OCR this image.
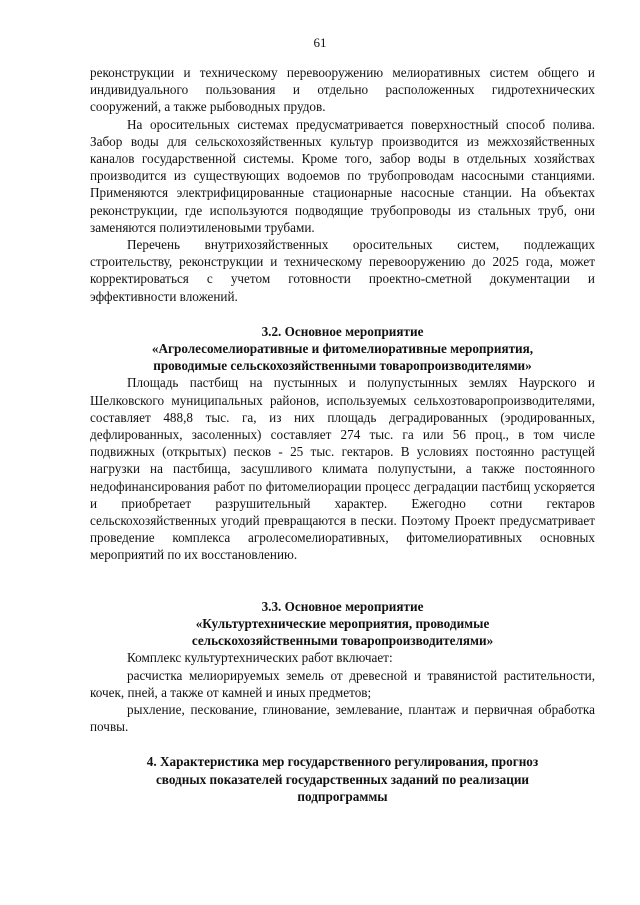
61

реконструкции и техническому перевооружению мелиоративных систем общего и индивидуального пользования и отдельно расположенных гидротехнических сооружений, а также рыбоводных прудов.

На оросительных системах предусматривается поверхностный способ полива. Забор воды для сельскохозяйственных культур производится из межхозяйственных каналов государственной системы. Кроме того, забор воды в отдельных хозяйствах производится из существующих водоемов по трубопроводам насосными станциями. Применяются электрифицированные стационарные насосные станции. На объектах реконструкции, где используются подводящие трубопроводы из стальных труб, они заменяются полиэтиленовыми трубами.

Перечень внутрихозяйственных оросительных систем, подлежащих строительству, реконструкции и техническому перевооружению до 2025 года, может корректироваться с учетом готовности проектно-сметной документации и эффективности вложений.

3.2. Основное мероприятие
«Агролесомелиоративные и фитомелиоративные мероприятия,
проводимые сельскохозяйственными товаропроизводителями»

Площадь пастбищ на пустынных и полупустынных землях Наурского и Шелковского муниципальных районов, используемых сельхозтоваропроизводителями, составляет 488,8 тыс. га, из них площадь деградированных (эродированных, дефлированных, засоленных) составляет 274 тыс. га или 56 проц., в том числе подвижных (открытых) песков - 25 тыс. гектаров. В условиях постоянно растущей нагрузки на пастбища, засушливого климата полупустыни, а также постоянного недофинансирования работ по фитомелиорации процесс деградации пастбищ ускоряется и приобретает разрушительный характер. Ежегодно сотни гектаров сельскохозяйственных угодий превращаются в пески. Поэтому Проект предусматривает проведение комплекса агролесомелиоративных, фитомелиоративных основных мероприятий по их восстановлению.

3.3. Основное мероприятие
«Культуртехнические мероприятия, проводимые
сельскохозяйственными товаропроизводителями»

Комплекс культуртехнических работ включает:

расчистка мелиорируемых земель от древесной и травянистой растительности, кочек, пней, а также от камней и иных предметов;

рыхление, пескование, глинование, землевание, плантаж и первичная обработка почвы.

4. Характеристика мер государственного регулирования, прогноз
сводных показателей государственных заданий по реализации
подпрограммы
